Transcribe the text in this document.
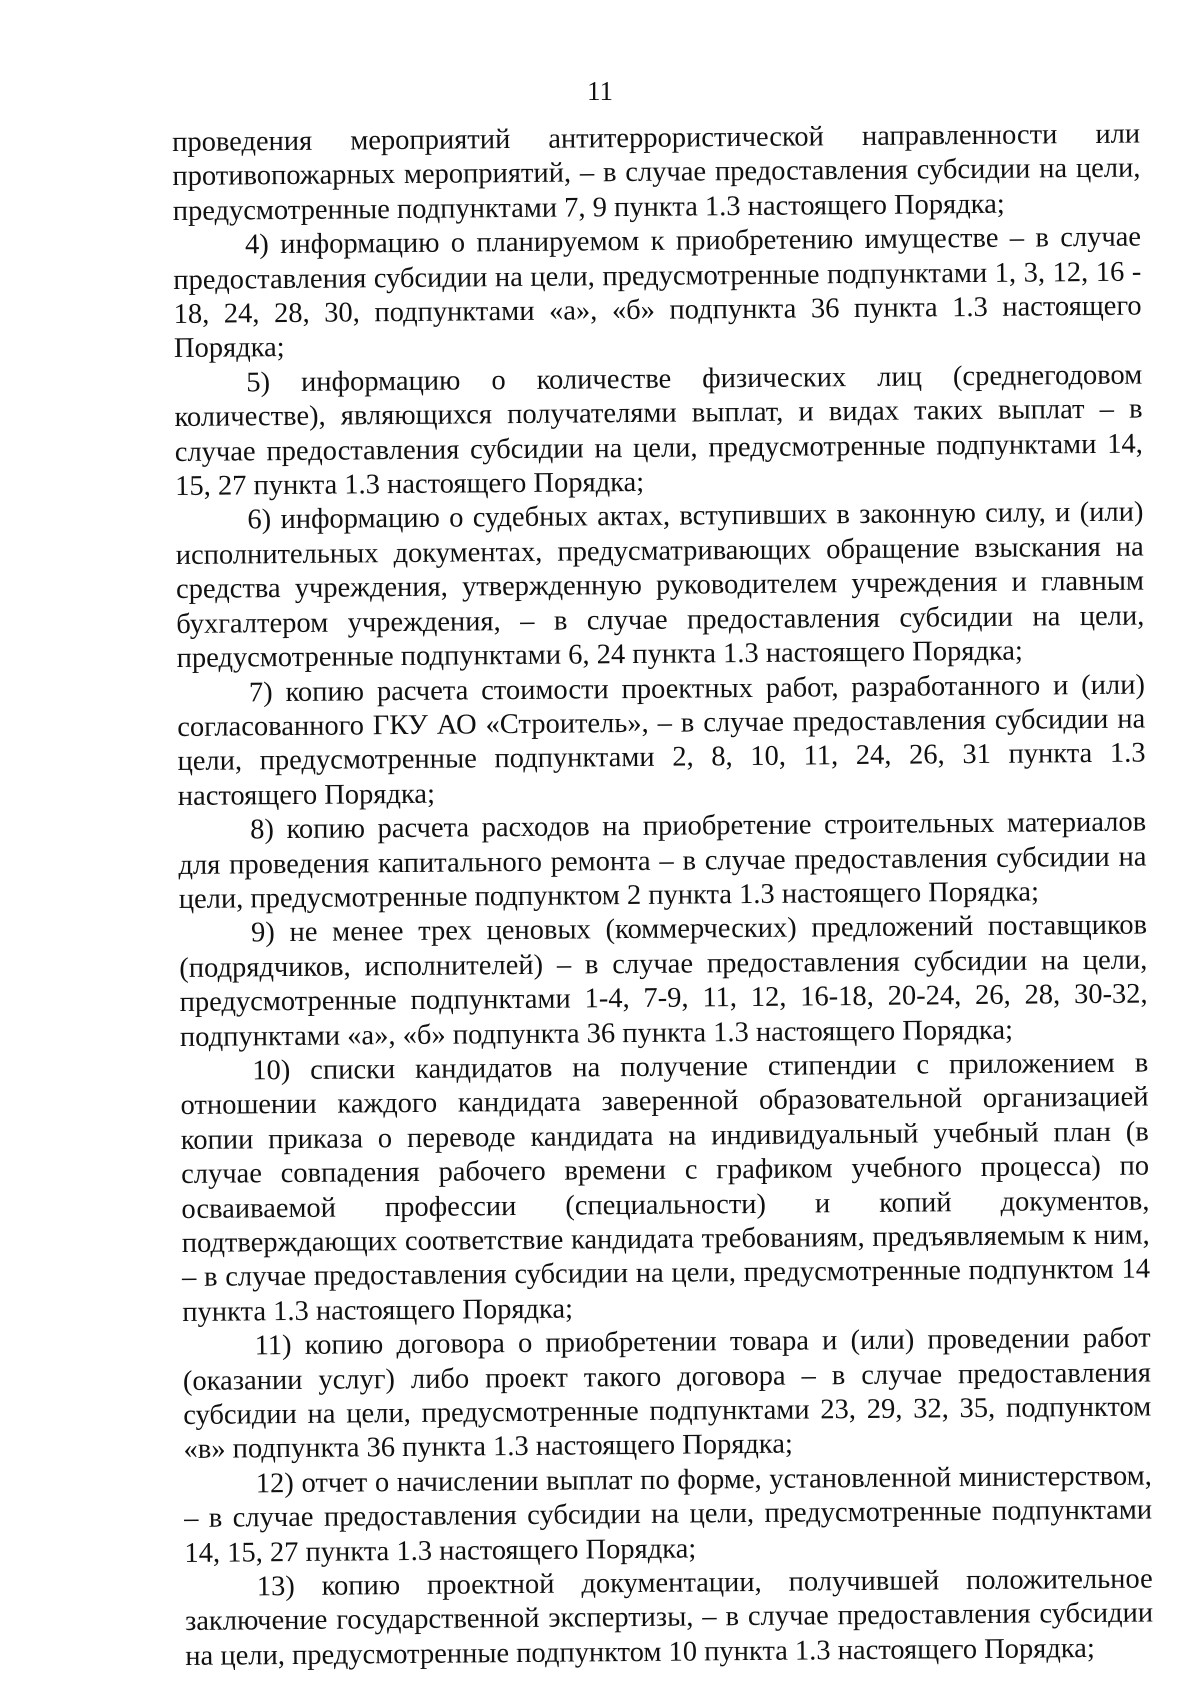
11

проведения мероприятий антитеррористической направленности или противопожарных мероприятий, – в случае предоставления субсидии на цели, предусмотренные подпунктами 7, 9 пункта 1.3 настоящего Порядка;

4) информацию о планируемом к приобретению имуществе – в случае предоставления субсидии на цели, предусмотренные подпунктами 1, 3, 12, 16 - 18, 24, 28, 30, подпунктами «а», «б» подпункта 36 пункта 1.3 настоящего Порядка;

5) информацию о количестве физических лиц (среднегодовом количестве), являющихся получателями выплат, и видах таких выплат – в случае предоставления субсидии на цели, предусмотренные подпунктами 14, 15, 27 пункта 1.3 настоящего Порядка;

6) информацию о судебных актах, вступивших в законную силу, и (или) исполнительных документах, предусматривающих обращение взыскания на средства учреждения, утвержденную руководителем учреждения и главным бухгалтером учреждения, – в случае предоставления субсидии на цели, предусмотренные подпунктами 6, 24 пункта 1.3 настоящего Порядка;

7) копию расчета стоимости проектных работ, разработанного и (или) согласованного ГКУ АО «Строитель», – в случае предоставления субсидии на цели, предусмотренные подпунктами 2, 8, 10, 11, 24, 26, 31 пункта 1.3 настоящего Порядка;

8) копию расчета расходов на приобретение строительных материалов для проведения капитального ремонта – в случае предоставления субсидии на цели, предусмотренные подпунктом 2 пункта 1.3 настоящего Порядка;

9) не менее трех ценовых (коммерческих) предложений поставщиков (подрядчиков, исполнителей) – в случае предоставления субсидии на цели, предусмотренные подпунктами 1-4, 7-9, 11, 12, 16-18, 20-24, 26, 28, 30-32, подпунктами «а», «б» подпункта 36 пункта 1.3 настоящего Порядка;

10) списки кандидатов на получение стипендии с приложением в отношении каждого кандидата заверенной образовательной организацией копии приказа о переводе кандидата на индивидуальный учебный план (в случае совпадения рабочего времени с графиком учебного процесса) по осваиваемой профессии (специальности) и копий документов, подтверждающих соответствие кандидата требованиям, предъявляемым к ним, – в случае предоставления субсидии на цели, предусмотренные подпунктом 14 пункта 1.3 настоящего Порядка;

11) копию договора о приобретении товара и (или) проведении работ (оказании услуг) либо проект такого договора – в случае предоставления субсидии на цели, предусмотренные подпунктами 23, 29, 32, 35, подпунктом «в» подпункта 36 пункта 1.3 настоящего Порядка;

12) отчет о начислении выплат по форме, установленной министерством, – в случае предоставления субсидии на цели, предусмотренные подпунктами 14, 15, 27 пункта 1.3 настоящего Порядка;

13) копию проектной документации, получившей положительное заключение государственной экспертизы, – в случае предоставления субсидии на цели, предусмотренные подпунктом 10 пункта 1.3 настоящего Порядка;
